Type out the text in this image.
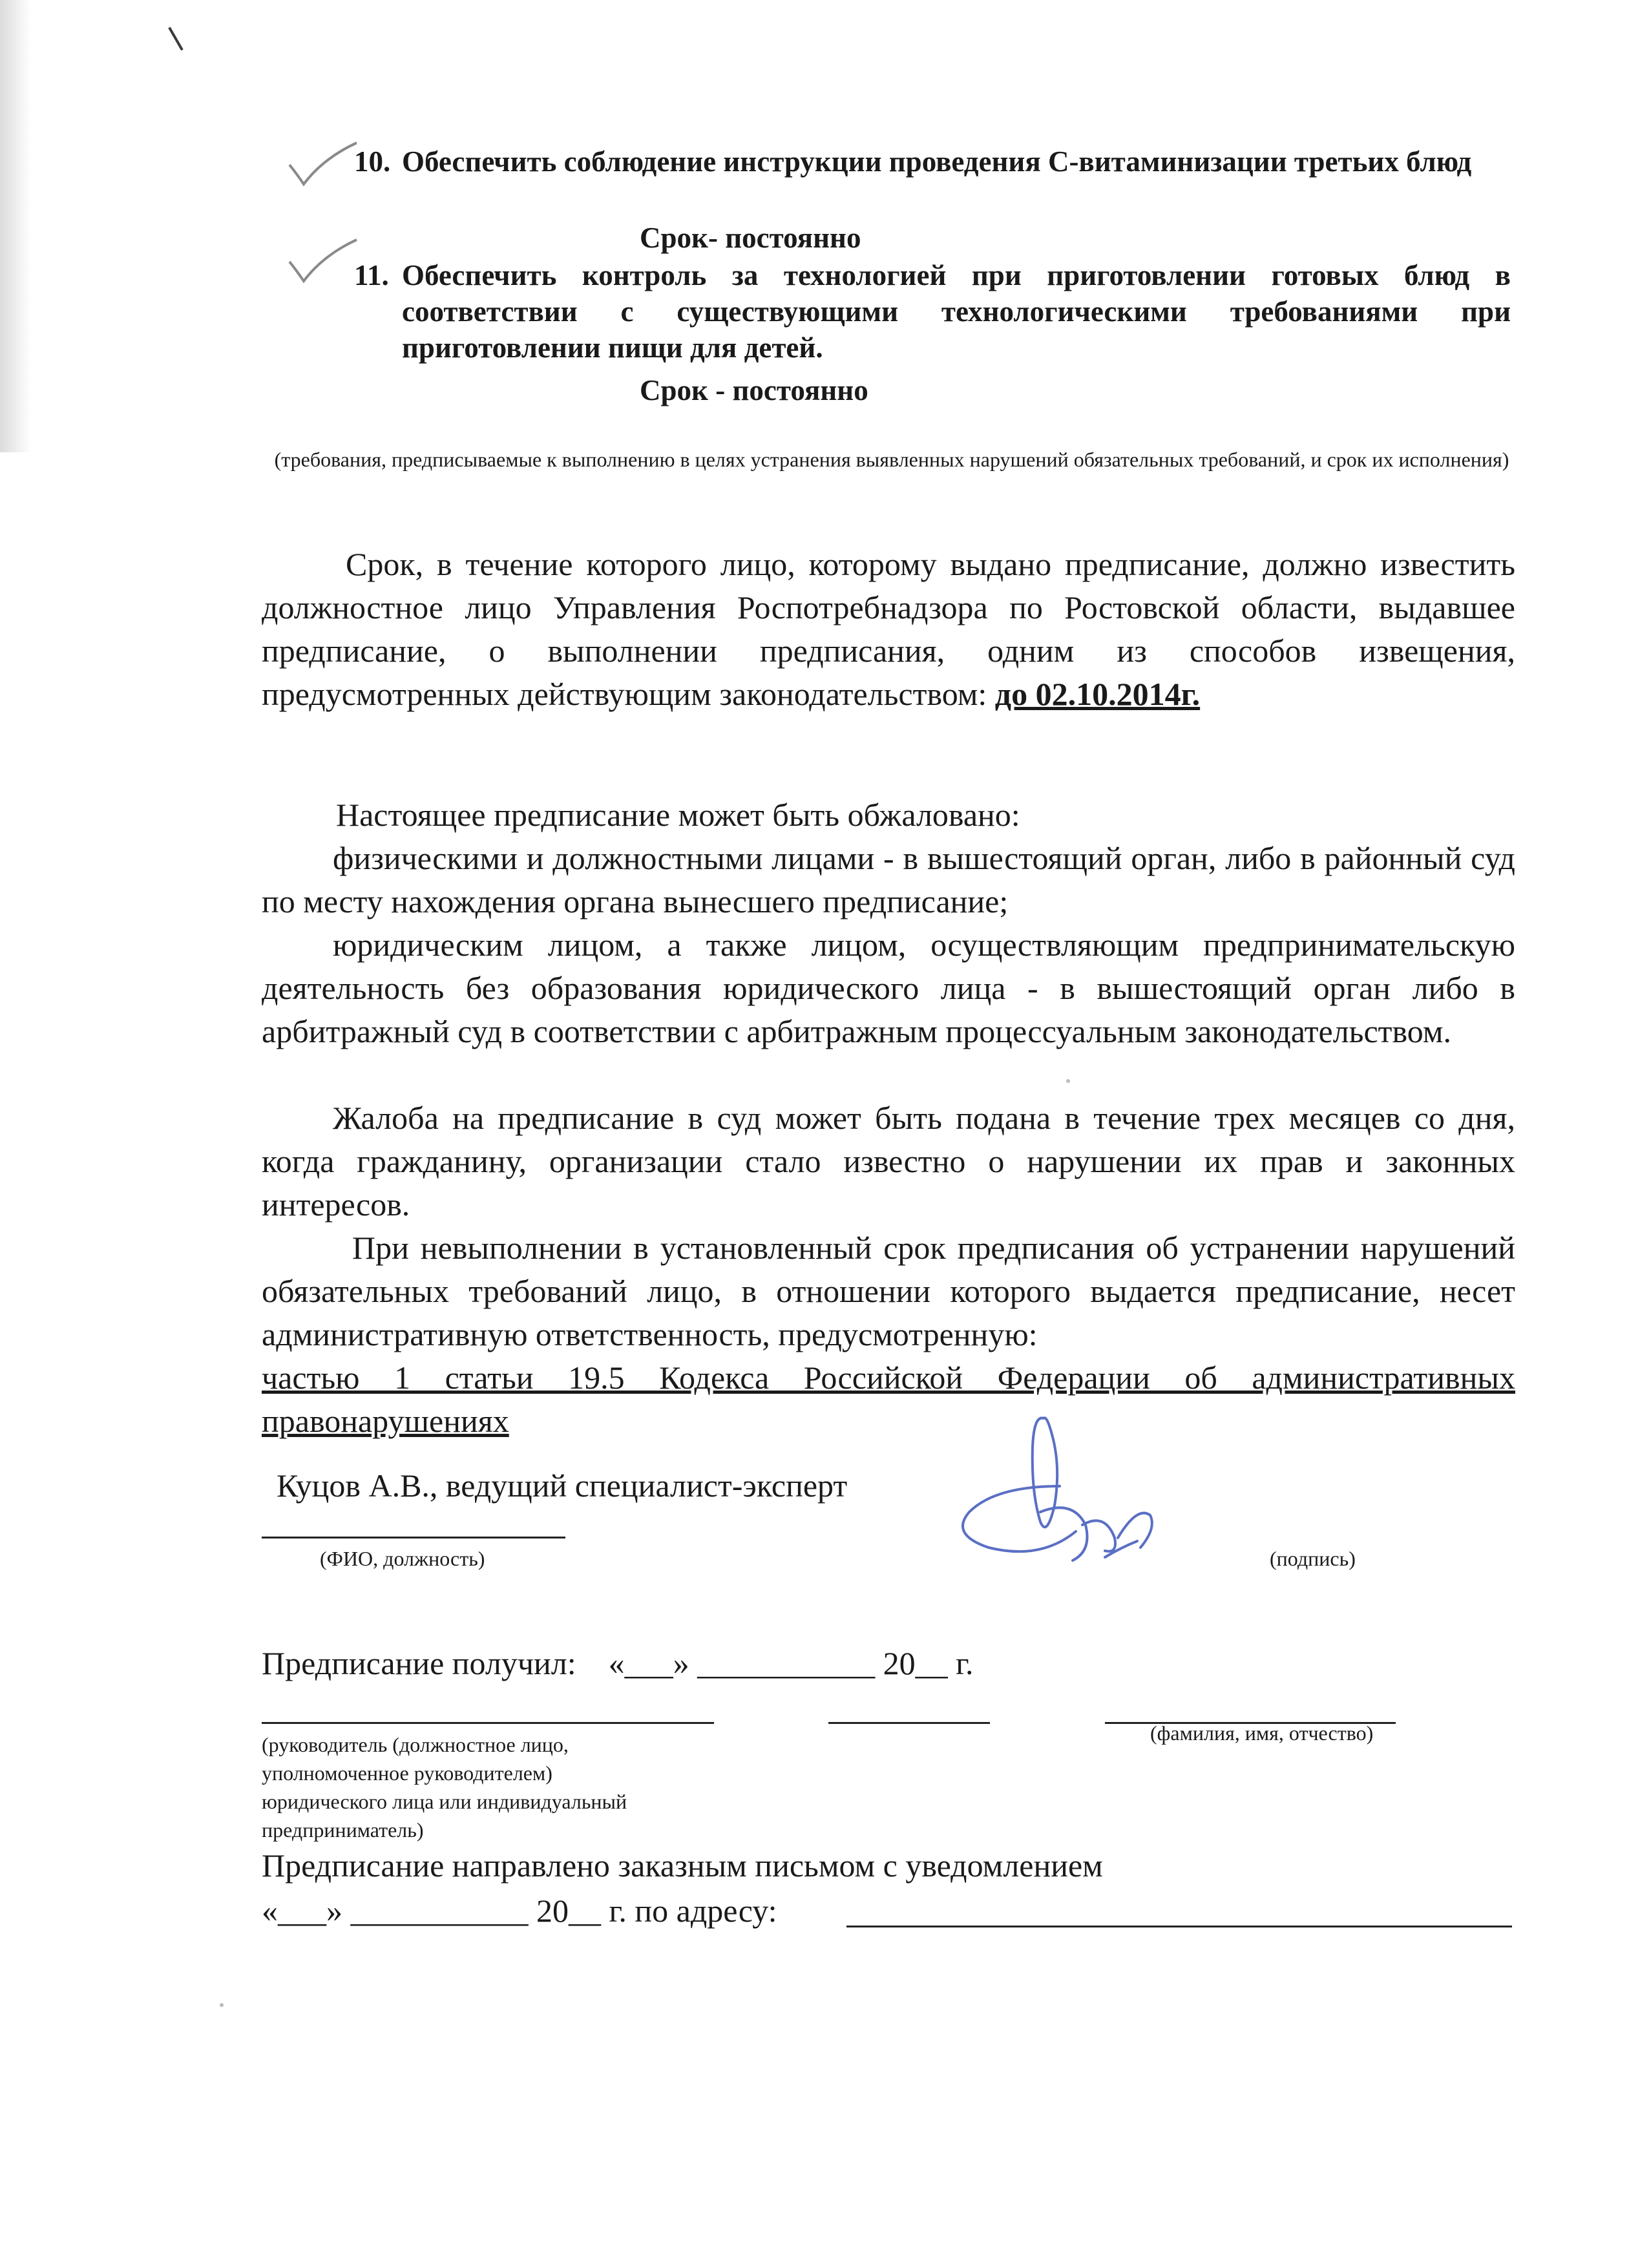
10. Обеспечить соблюдение инструкции проведения С-витаминизации третьих блюд
Срок- постоянно
11. Обеспечить контроль за технологией при приготовлении готовых блюд в соответствии с существующими технологическими требованиями при приготовлении пищи для детей.
Срок - постоянно
(требования, предписываемые к выполнению в целях устранения выявленных нарушений обязательных требований, и срок их исполнения)
Срок, в течение которого лицо, которому выдано предписание, должно известить должностное лицо Управления Роспотребнадзора по Ростовской области, выдавшее предписание, о выполнении предписания, одним из способов извещения, предусмотренных действующим законодательством: до 02.10.2014г.
Настоящее предписание может быть обжаловано:
физическими и должностными лицами - в вышестоящий орган, либо в районный суд по месту нахождения органа вынесшего предписание;
юридическим лицом, а также лицом, осуществляющим предпринимательскую деятельность без образования юридического лица - в вышестоящий орган либо в арбитражный суд в соответствии с арбитражным процессуальным законодательством.
Жалоба на предписание в суд может быть подана в течение трех месяцев со дня, когда гражданину, организации стало известно о нарушении их прав и законных интересов.
При невыполнении в установленный срок предписания об устранении нарушений обязательных требований лицо, в отношении которого выдается предписание, несет административную ответственность, предусмотренную:
частью 1 статьи 19.5 Кодекса Российской Федерации об административных правонарушениях
Куцов А.В., ведущий специалист-эксперт
(ФИО, должность)	(подпись)
Предписание получил: «___» ___________ 20__ г.
(руководитель (должностное лицо,
уполномоченное руководителем)
юридического лица или индивидуальный
предприниматель)
(фамилия, имя, отчество)
Предписание направлено заказным письмом с уведомлением
«___» ___________ 20__ г. по адресу:
